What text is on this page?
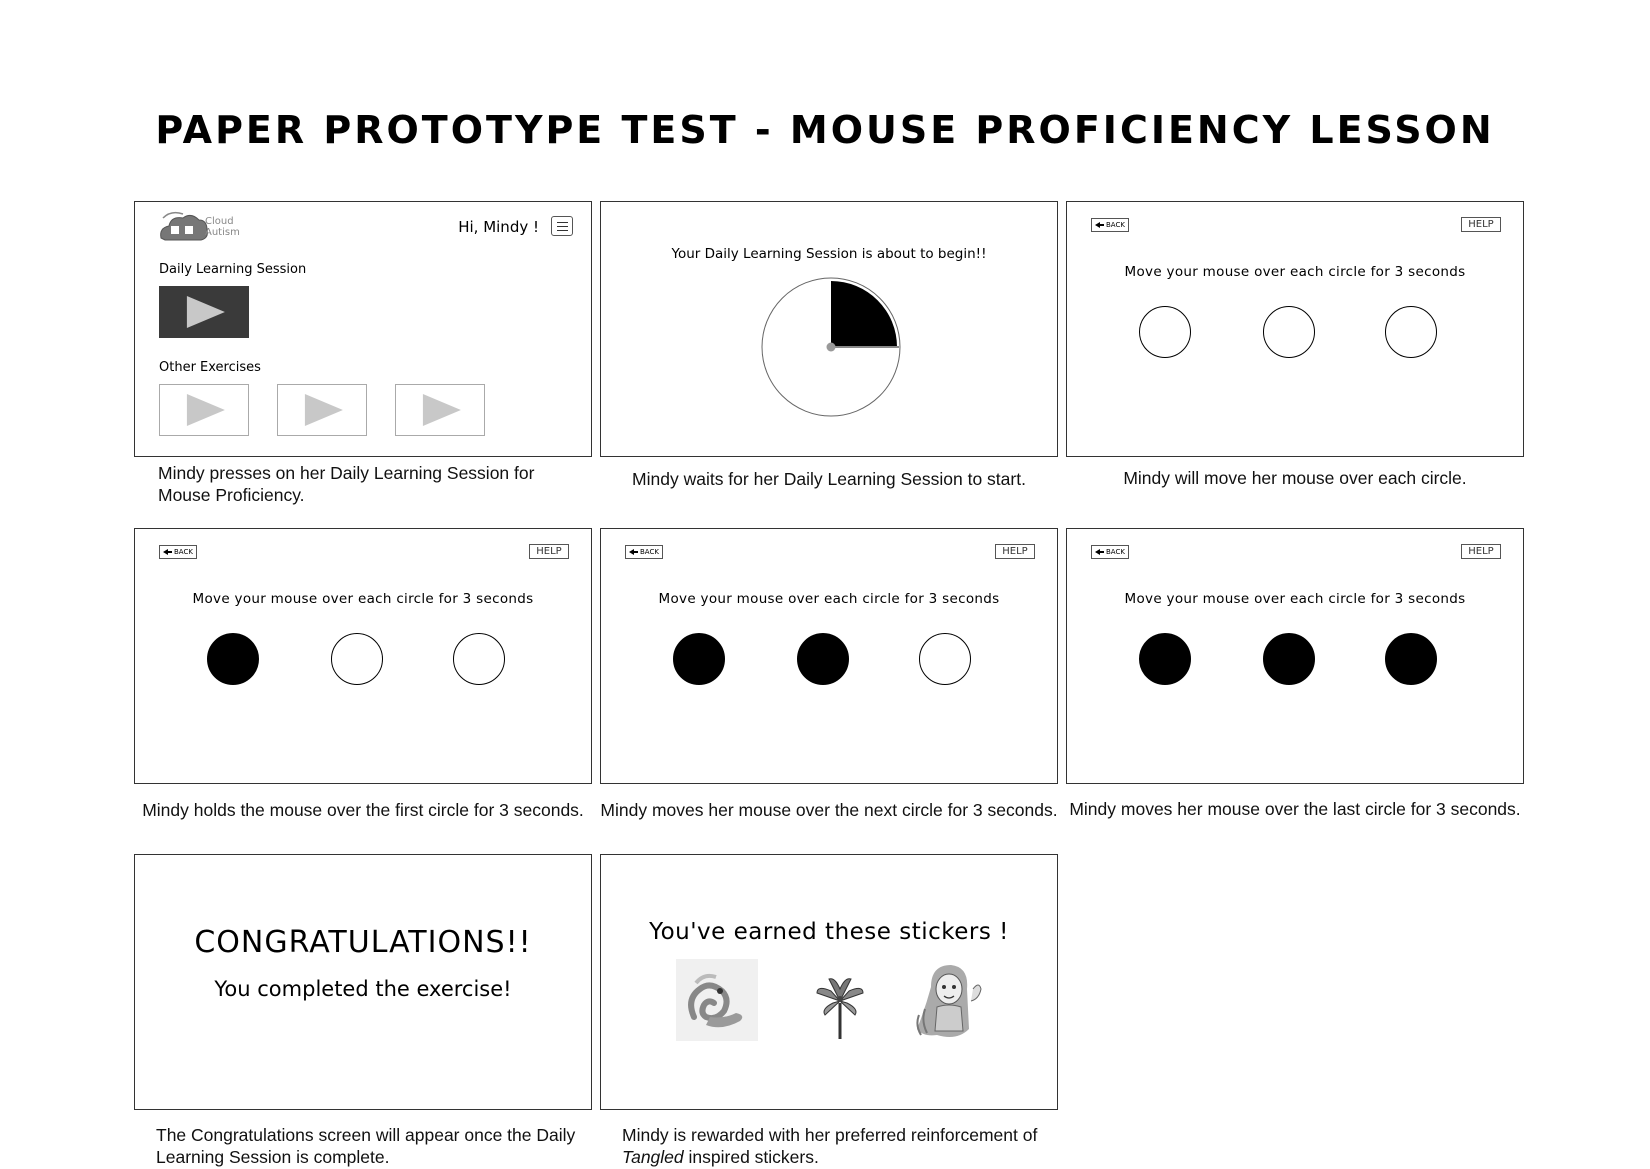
PAPER PROTOTYPE TEST - MOUSE PROFICIENCY LESSON
Cloud
Autism	Hi, Mindy !
Daily Learning Session
Other Exercises
Mindy presses on her Daily Learning Session for Mouse Proficiency.
Your Daily Learning Session is about to begin!!
Mindy waits for her Daily Learning Session to start.
BACK	HELP
Move your mouse over each circle for 3 seconds
Mindy will move her mouse over each circle.
BACK	HELP
Move your mouse over each circle for 3 seconds
Mindy holds the mouse over the first circle for 3 seconds.
BACK	HELP
Move your mouse over each circle for 3 seconds
Mindy moves her mouse over the next circle for 3 seconds.
BACK	HELP
Move your mouse over each circle for 3 seconds
Mindy moves her mouse over the last circle for 3 seconds.
CONGRATULATIONS!!
You completed the exercise!
The Congratulations screen will appear once the Daily Learning Session is complete.
You've earned these stickers !
Mindy is rewarded with her preferred reinforcement of Tangled inspired stickers.
